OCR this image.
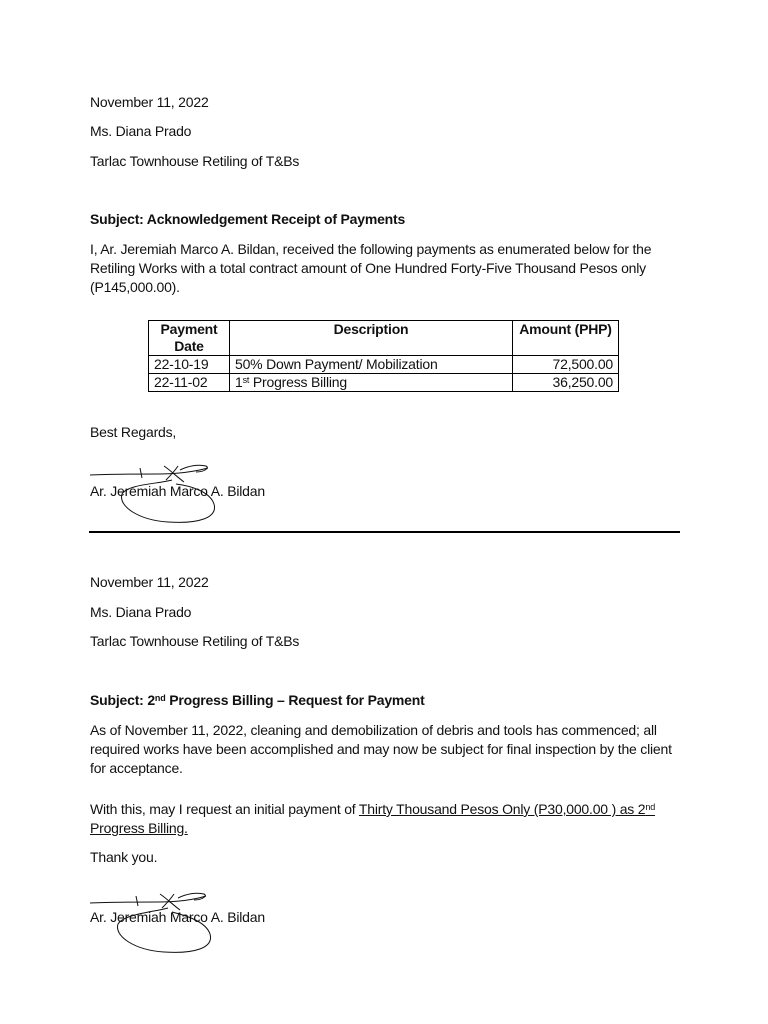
November 11, 2022
Ms. Diana Prado
Tarlac Townhouse Retiling of T&Bs
Subject: Acknowledgement Receipt of Payments
I, Ar. Jeremiah Marco A. Bildan, received the following payments as enumerated below for the Retiling Works with a total contract amount of One Hundred Forty-Five Thousand Pesos only (P145,000.00).
Payment
Date	Description	Amount (PHP)
22-10-19	50% Down Payment/ Mobilization	72,500.00
22-11-02	1st Progress Billing	36,250.00
Best Regards,
Ar. Jeremiah Marco A. Bildan
November 11, 2022
Ms. Diana Prado
Tarlac Townhouse Retiling of T&Bs
Subject: 2nd Progress Billing – Request for Payment
As of November 11, 2022, cleaning and demobilization of debris and tools has commenced; all required works have been accomplished and may now be subject for final inspection by the client for acceptance.
With this, may I request an initial payment of Thirty Thousand Pesos Only (P30,000.00 ) as 2nd Progress Billing.
Thank you.
Ar. Jeremiah Marco A. Bildan
